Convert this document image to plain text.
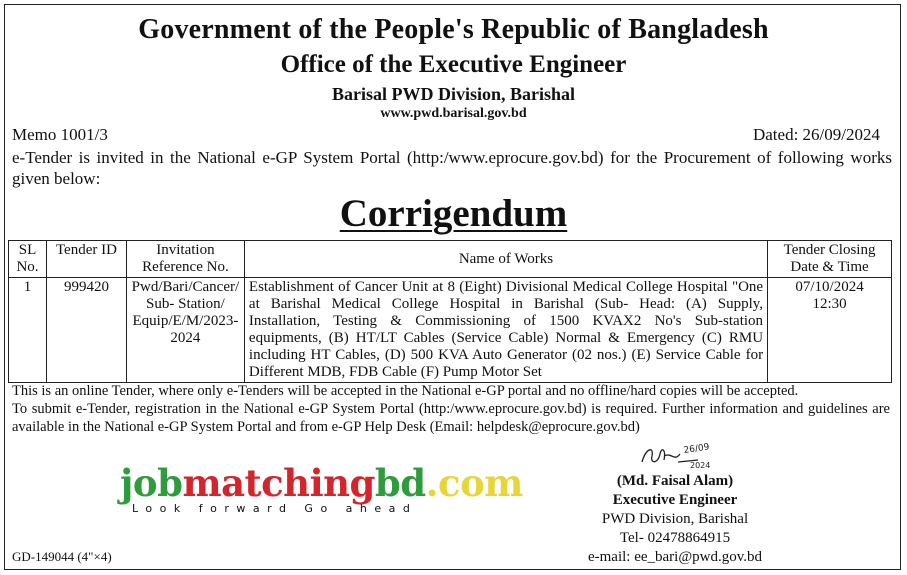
Government of the People's Republic of Bangladesh
Office of the Executive Engineer
Barisal PWD Division, Barishal
www.pwd.barisal.gov.bd
Memo 1001/3	Dated: 26/09/2024
e-Tender is invited in the National e-GP System Portal (http:/www.eprocure.gov.bd) for the Procurement of following works given below:
Corrigendum
SL No.	Tender ID	Invitation Reference No.	Name of Works	Tender Closing Date & Time
1	999420	Pwd/Bari/Cancer/ Sub- Station/ Equip/E/M/2023-2024	Establishment of Cancer Unit at 8 (Eight) Divisional Medical College Hospital "One at Barishal Medical College Hospital in Barishal (Sub- Head: (A) Supply, Installation, Testing & Commissioning of 1500 KVAX2 No's Sub-station equipments, (B) HT/LT Cables (Service Cable) Normal & Emergency (C) RMU including HT Cables, (D) 500 KVA Auto Generator (02 nos.) (E) Service Cable for Different MDB, FDB Cable (F) Pump Motor Set	07/10/2024
12:30

This is an online Tender, where only e-Tenders will be accepted in the National e-GP portal and no offline/hard copies will be accepted.

To submit e-Tender, registration in the National e-GP System Portal (http:/www.eprocure.gov.bd) is required. Further information and guidelines are available in the National e-GP System Portal and from e-GP Help Desk (Email: helpdesk@eprocure.gov.bd)

jobmatchingbd.com
Look forward Go ahead
26/09
2024
(Md. Faisal Alam)
Executive Engineer
PWD Division, Barishal
Tel- 02478864915
e-mail: ee_bari@pwd.gov.bd
GD-149044 (4"×4)
